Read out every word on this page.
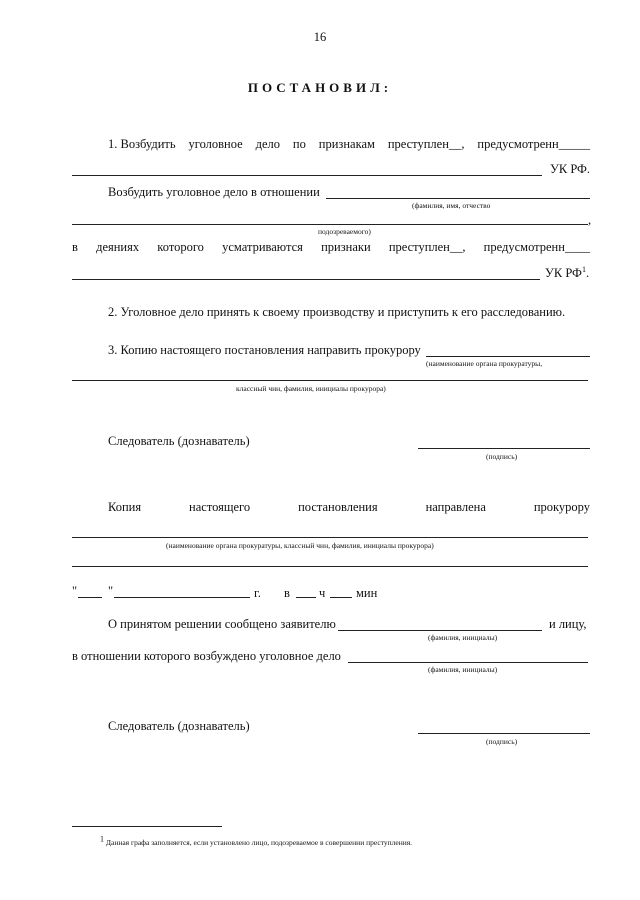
16
ПОСТАНОВИЛ:
1. Возбудить уголовное дело по признакам преступлен__, предусмотренн_____
УК РФ.
Возбудить уголовное дело в отношении
(фамилия, имя, отчество
,
подозреваемого)
в деяниях которого усматриваются признаки преступлен__, предусмотренн____
УК $РФ^1$.
2. Уголовное дело принять к своему производству и приступить к его расследованию.
3. Копию настоящего постановления направить прокурору
(наименование органа прокуратуры,
классный чин, фамилия, инициалы прокурора)
Следователь (дознаватель)
(подпись)
Копия	настоящего	постановления	направлена	прокурору
(наименование органа прокуратуры, классный чин, фамилия, инициалы прокурора)
" "	г. в ч мин
О принятом решении сообщено заявителю	и лицу,
(фамилия, инициалы)
в отношении которого возбуждено уголовное дело
(фамилия, инициалы)
Следователь (дознаватель)
(подпись)
1 Данная графа заполняется, если установлено лицо, подозреваемое в совершении преступления.
